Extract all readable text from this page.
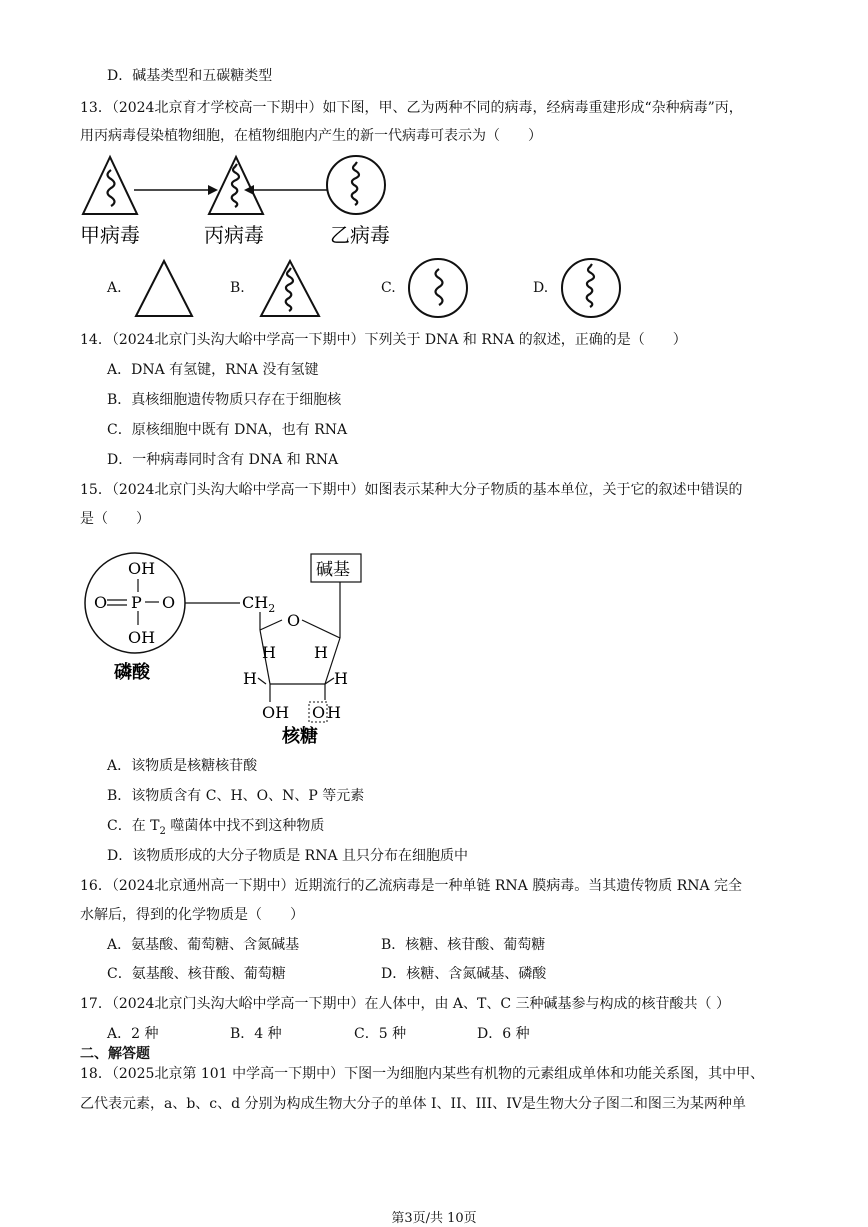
D．碱基类型和五碳糖类型
13．（2024北京育才学校高一下期中）如下图，甲、乙为两种不同的病毒，经病毒重建形成“杂种病毒”丙，
用丙病毒侵染植物细胞，在植物细胞内产生的新一代病毒可表示为（　　）
甲病毒	丙病毒	乙病毒
A.	B.	C.	D.
14．（2024北京门头沟大峪中学高一下期中）下列关于 DNA 和 RNA 的叙述，正确的是（　　）
A．DNA 有氢键，RNA 没有氢键
B．真核细胞遗传物质只存在于细胞核
C．原核细胞中既有 DNA，也有 RNA
D．一种病毒同时含有 DNA 和 RNA
15．（2024北京门头沟大峪中学高一下期中）如图表示某种大分子物质的基本单位，关于它的叙述中错误的
是（　　）
OH
O P O
OH
磷酸
$CH_2$
O
碱基
H H
H	H
OH O H
核糖
A．该物质是核糖核苷酸
B．该物质含有 C、H、O、N、P 等元素
C．在 $T_2$ 噬菌体中找不到这种物质
D．该物质形成的大分子物质是 RNA 且只分布在细胞质中
16．（2024北京通州高一下期中）近期流行的乙流病毒是一种单链 RNA 膜病毒。当其遗传物质 RNA 完全
水解后，得到的化学物质是（　　）
A．氨基酸、葡萄糖、含氮碱基	B．核糖、核苷酸、葡萄糖
C．氨基酸、核苷酸、葡萄糖	D．核糖、含氮碱基、磷酸
17．（2024北京门头沟大峪中学高一下期中）在人体中，由 A、T、C 三种碱基参与构成的核苷酸共（ ）
A．2 种	B．4 种	C．5 种	D．6 种
二、解答题
18．（2025北京第 101 中学高一下期中）下图一为细胞内某些有机物的元素组成单体和功能关系图，其中甲、
乙代表元素，a、b、c、d 分别为构成生物大分子的单体 I、II、III、IV是生物大分子图二和图三为某两种单
第3页/共 10页
